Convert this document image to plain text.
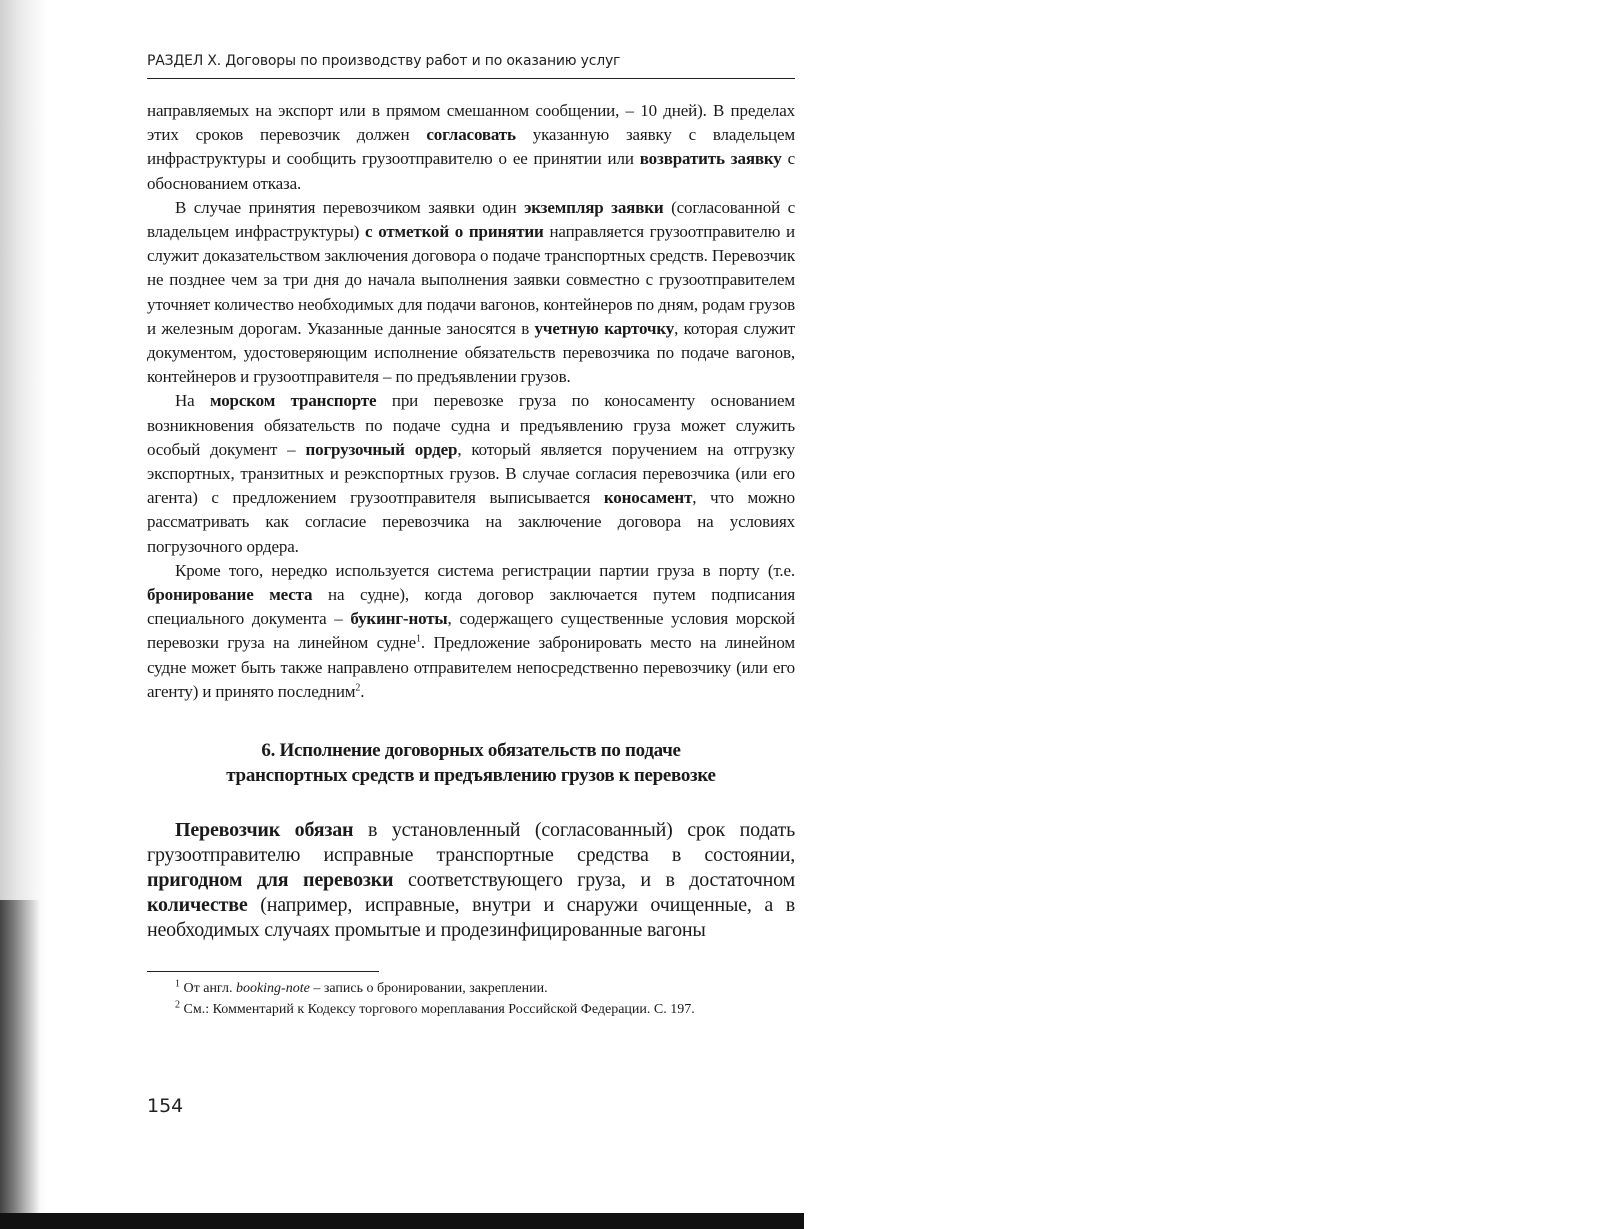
РАЗДЕЛ X. Договоры по производству работ и по оказанию услуг

направляемых на экспорт или в прямом смешанном сообщении, – 10 дней). В пределах этих сроков перевозчик должен согласовать указанную заявку с владельцем инфраструктуры и сообщить грузоотправителю о ее принятии или возвратить заявку с обоснованием отказа.

В случае принятия перевозчиком заявки один экземпляр заявки (согласованной с владельцем инфраструктуры) с отметкой о принятии направляется грузоотправителю и служит доказательством заключения договора о подаче транспортных средств. Перевозчик не позднее чем за три дня до начала выполнения заявки совместно с грузоотправителем уточняет количество необходимых для подачи вагонов, контейнеров по дням, родам грузов и железным дорогам. Указанные данные заносятся в учетную карточку, которая служит документом, удостоверяющим исполнение обязательств перевозчика по подаче вагонов, контейнеров и грузоотправителя – по предъявлении грузов.

На морском транспорте при перевозке груза по коносаменту основанием возникновения обязательств по подаче судна и предъявлению груза может служить особый документ – погрузочный ордер, который является поручением на отгрузку экспортных, транзитных и реэкспортных грузов. В случае согласия перевозчика (или его агента) с предложением грузоотправителя выписывается коносамент, что можно рассматривать как согласие перевозчика на заключение договора на условиях погрузочного ордера.

Кроме того, нередко используется система регистрации партии груза в порту (т.е. бронирование места на судне), когда договор заключается путем подписания специального документа – букинг-ноты, содержащего существенные условия морской перевозки груза на линейном судне$^1$. Предложение забронировать место на линейном судне может быть также направлено отправителем непосредственно перевозчику (или его агенту) и принято последним$^2$.

6. Исполнение договорных обязательств по подаче
транспортных средств и предъявлению грузов к перевозке

Перевозчик обязан в установленный (согласованный) срок подать грузоотправителю исправные транспортные средства в состоянии, пригодном для перевозки соответствующего груза, и в достаточном количестве (например, исправные, внутри и снаружи очищенные, а в необходимых случаях промытые и продезинфицированные вагоны

$^1$ От англ. booking-note – запись о бронировании, закреплении.

$^2$ См.: Комментарий к Кодексу торгового мореплавания Российской Федерации. С. 197.

154
